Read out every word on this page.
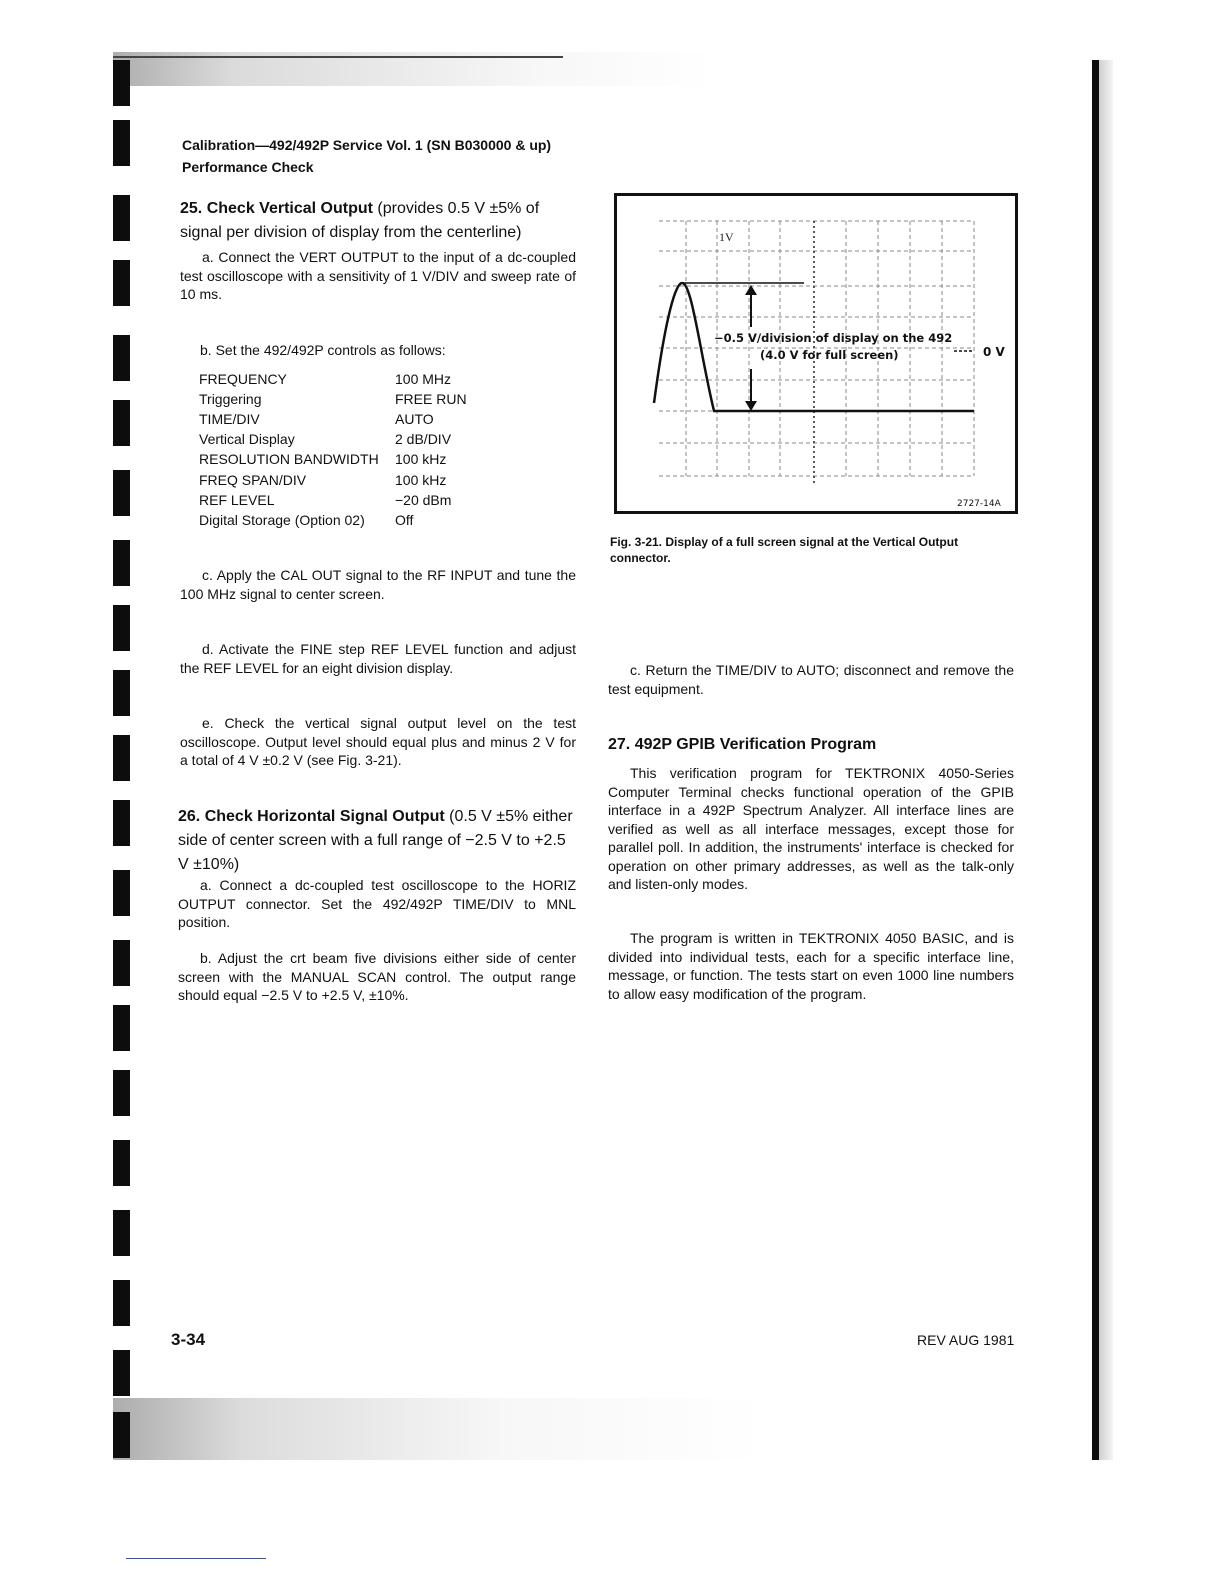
Calibration—492/492P Service Vol. 1 (SN B030000 & up)
Performance Check
25. Check Vertical Output (provides 0.5 V ±5% of signal per division of display from the centerline)
a. Connect the VERT OUTPUT to the input of a dc-coupled test oscilloscope with a sensitivity of 1 V/DIV and sweep rate of 10 ms.
b. Set the 492/492P controls as follows:
FREQUENCY	100 MHz
Triggering	FREE RUN
TIME/DIV	AUTO
Vertical Display	2 dB/DIV
RESOLUTION BANDWIDTH 100 kHz
FREQ SPAN/DIV	100 kHz
REF LEVEL	−20 dBm
Digital Storage (Option 02) Off
c. Apply the CAL OUT signal to the RF INPUT and tune the 100 MHz signal to center screen.
d. Activate the FINE step REF LEVEL function and adjust the REF LEVEL for an eight division display.
e. Check the vertical signal output level on the test oscilloscope. Output level should equal plus and minus 2 V for a total of 4 V ±0.2 V (see Fig. 3-21).
26. Check Horizontal Signal Output (0.5 V ±5% either side of center screen with a full range of −2.5 V to +2.5 V ±10%)
a. Connect a dc-coupled test oscilloscope to the HORIZ OUTPUT connector. Set the 492/492P TIME/DIV to MNL position.
b. Adjust the crt beam five divisions either side of center screen with the MANUAL SCAN control. The output range should equal −2.5 V to +2.5 V, ±10%.
1V
−0.5 V/division of display on the 492
(4.0 V for full screen)	0 V
2727-14A
Fig. 3-21. Display of a full screen signal at the Vertical Output connector.
c. Return the TIME/DIV to AUTO; disconnect and remove the test equipment.
27. 492P GPIB Verification Program
This verification program for TEKTRONIX 4050-Series Computer Terminal checks functional operation of the GPIB interface in a 492P Spectrum Analyzer. All interface lines are verified as well as all interface messages, except those for parallel poll. In addition, the instruments' interface is checked for operation on other primary addresses, as well as the talk-only and listen-only modes.
The program is written in TEKTRONIX 4050 BASIC, and is divided into individual tests, each for a specific interface line, message, or function. The tests start on even 1000 line numbers to allow easy modification of the program.
3-34	REV AUG 1981
